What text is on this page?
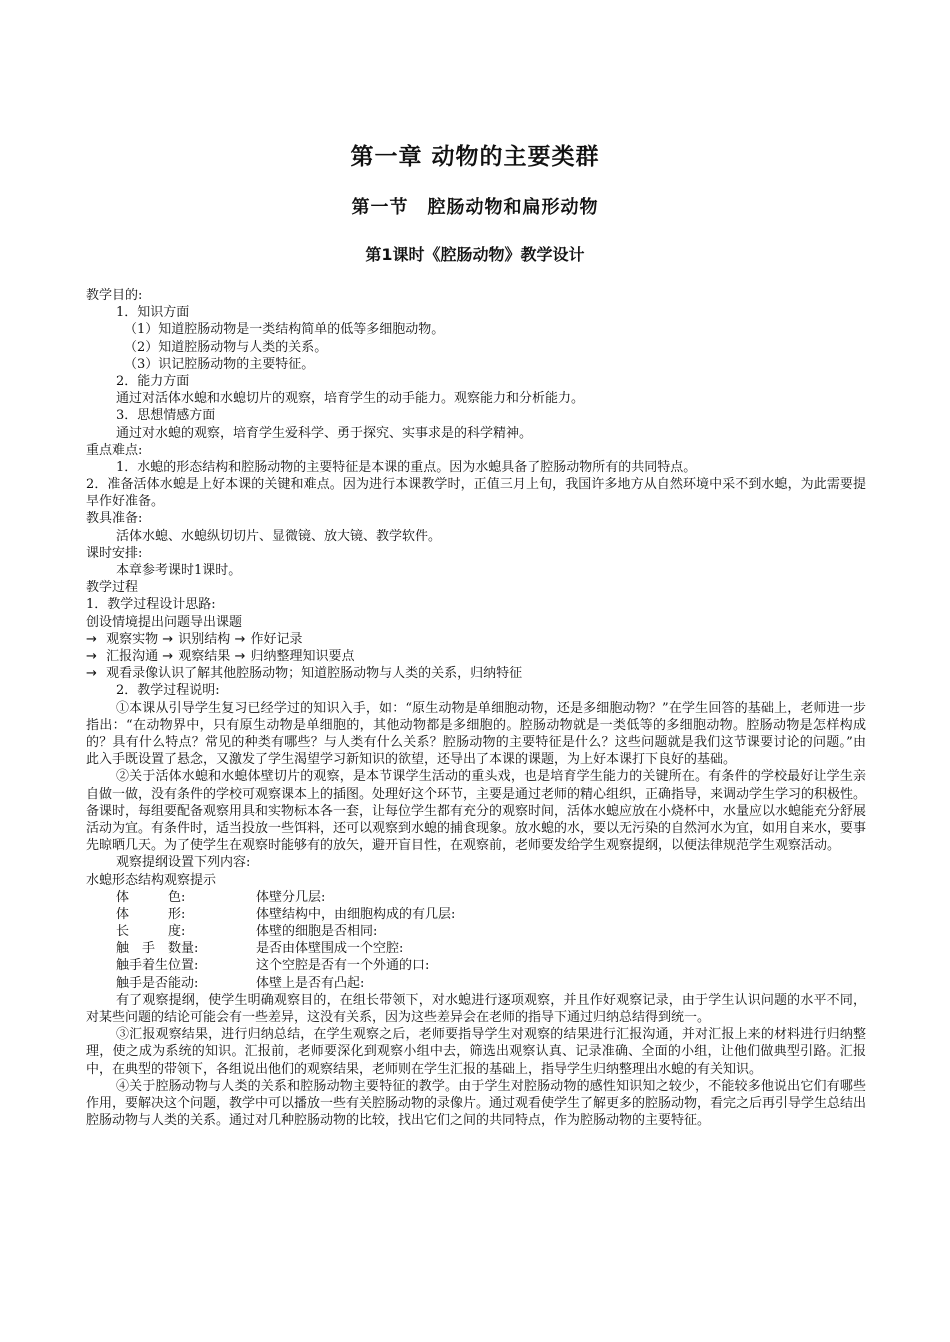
第一章 动物的主要类群
第一节　腔肠动物和扁形动物
第1课时《腔肠动物》教学设计
教学目的:
1．知识方面
（1）知道腔肠动物是一类结构简单的低等多细胞动物。
（2）知道腔肠动物与人类的关系。
（3）识记腔肠动物的主要特征。
2．能力方面
通过对活体水螅和水螅切片的观察，培育学生的动手能力。观察能力和分析能力。
3．思想情感方面
通过对水螅的观察，培育学生爱科学、勇于探究、实事求是的科学精神。
重点难点:
1．水螅的形态结构和腔肠动物的主要特征是本课的重点。因为水螅具备了腔肠动物所有的共同特点。
2．准备活体水螅是上好本课的关键和难点。因为进行本课教学时，正值三月上旬，我国许多地方从自然环境中采不到水螅，为此需要提早作好准备。
教具准备:
活体水螅、水螅纵切切片、显微镜、放大镜、教学软件。
课时安排:
本章参考课时1课时。
教学过程
1．教学过程设计思路:
创设情境提出问题导出课题
→ 观察实物 → 识别结构 → 作好记录
→ 汇报沟通 → 观察结果 → 归纳整理知识要点
→ 观看录像认识了解其他腔肠动物；知道腔肠动物与人类的关系，归纳特征
2．教学过程说明:
①本课从引导学生复习已经学过的知识入手，如：“原生动物是单细胞动物，还是多细胞动物？”在学生回答的基础上，老师进一步指出：“在动物界中，只有原生动物是单细胞的，其他动物都是多细胞的。腔肠动物就是一类低等的多细胞动物。腔肠动物是怎样构成的？具有什么特点？常见的种类有哪些？与人类有什么关系？腔肠动物的主要特征是什么？这些问题就是我们这节课要讨论的问题。”由此入手既设置了悬念，又激发了学生渴望学习新知识的欲望，还导出了本课的课题，为上好本课打下良好的基础。
②关于活体水螅和水螅体壁切片的观察，是本节课学生活动的重头戏，也是培育学生能力的关键所在。有条件的学校最好让学生亲自做一做，没有条件的学校可观察课本上的插图。处理好这个环节，主要是通过老师的精心组织，正确指导，来调动学生学习的积极性。备课时，每组要配备观察用具和实物标本各一套，让每位学生都有充分的观察时间，活体水螅应放在小烧杯中，水量应以水螅能充分舒展活动为宜。有条件时，适当投放一些饵料，还可以观察到水螅的捕食现象。放水螅的水，要以无污染的自然河水为宜，如用自来水，要事先晾晒几天。为了使学生在观察时能够有的放矢，避开盲目性，在观察前，老师要发给学生观察提纲，以便法律规范学生观察活动。
观察提纲设置下列内容:
水螅形态结构观察提示
体　　　色:	体壁分几层:
体　　　形:	体壁结构中，由细胞构成的有几层:
长　　　度:	体壁的细胞是否相同:
触　手　数量:	是否由体壁围成一个空腔:
触手着生位置:	这个空腔是否有一个外通的口:
触手是否能动:	体壁上是否有凸起:
有了观察提纲，使学生明确观察目的，在组长带领下，对水螅进行逐项观察，并且作好观察记录，由于学生认识问题的水平不同，对某些问题的结论可能会有一些差异，这没有关系，因为这些差异会在老师的指导下通过归纳总结得到统一。
③汇报观察结果，进行归纳总结，在学生观察之后，老师要指导学生对观察的结果进行汇报沟通，并对汇报上来的材料进行归纳整理，使之成为系统的知识。汇报前，老师要深化到观察小组中去，筛选出观察认真、记录准确、全面的小组，让他们做典型引路。汇报中，在典型的带领下，各组说出他们的观察结果，老师则在学生汇报的基础上，指导学生归纳整理出水螅的有关知识。
④关于腔肠动物与人类的关系和腔肠动物主要特征的教学。由于学生对腔肠动物的感性知识知之较少，不能较多他说出它们有哪些作用，要解决这个问题，教学中可以播放一些有关腔肠动物的录像片。通过观看使学生了解更多的腔肠动物，看完之后再引导学生总结出腔肠动物与人类的关系。通过对几种腔肠动物的比较，找出它们之间的共同特点，作为腔肠动物的主要特征。
